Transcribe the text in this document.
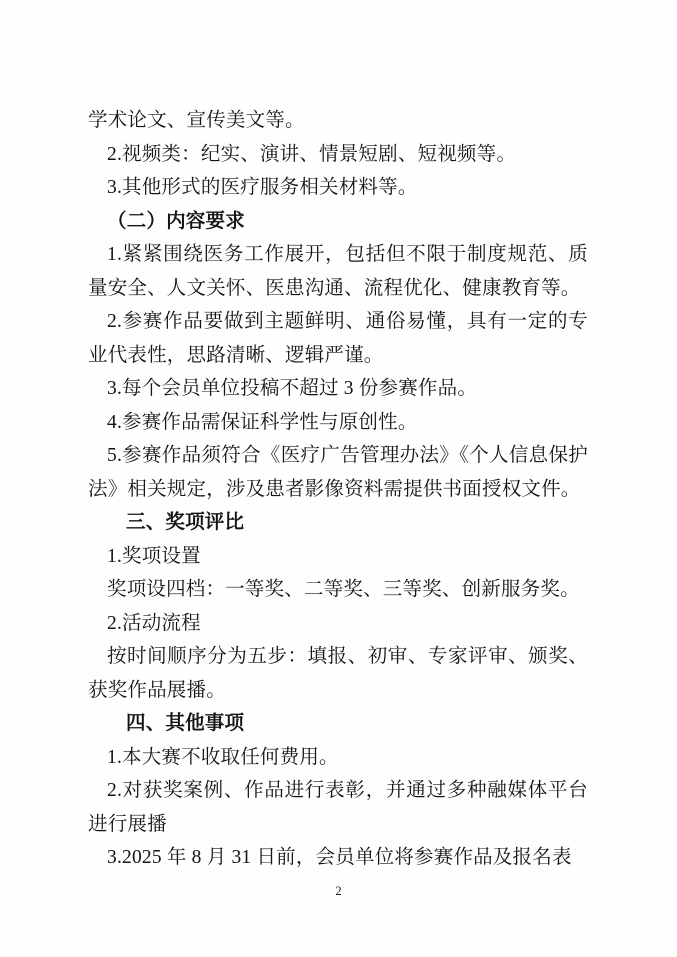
学术论文、宣传美文等。
2.视频类：纪实、演讲、情景短剧、短视频等。
3.其他形式的医疗服务相关材料等。
（二）内容要求
1.紧紧围绕医务工作展开，包括但不限于制度规范、质量安全、人文关怀、医患沟通、流程优化、健康教育等。
2.参赛作品要做到主题鲜明、通俗易懂，具有一定的专业代表性，思路清晰、逻辑严谨。
3.每个会员单位投稿不超过 3 份参赛作品。
4.参赛作品需保证科学性与原创性。
5.参赛作品须符合《医疗广告管理办法》《个人信息保护法》相关规定，涉及患者影像资料需提供书面授权文件。
三、奖项评比
1.奖项设置
奖项设四档：一等奖、二等奖、三等奖、创新服务奖。
2.活动流程
按时间顺序分为五步：填报、初审、专家评审、颁奖、获奖作品展播。
四、其他事项
1.本大赛不收取任何费用。
2.对获奖案例、作品进行表彰，并通过多种融媒体平台进行展播
3.2025 年 8 月 31 日前，会员单位将参赛作品及报名表
2
